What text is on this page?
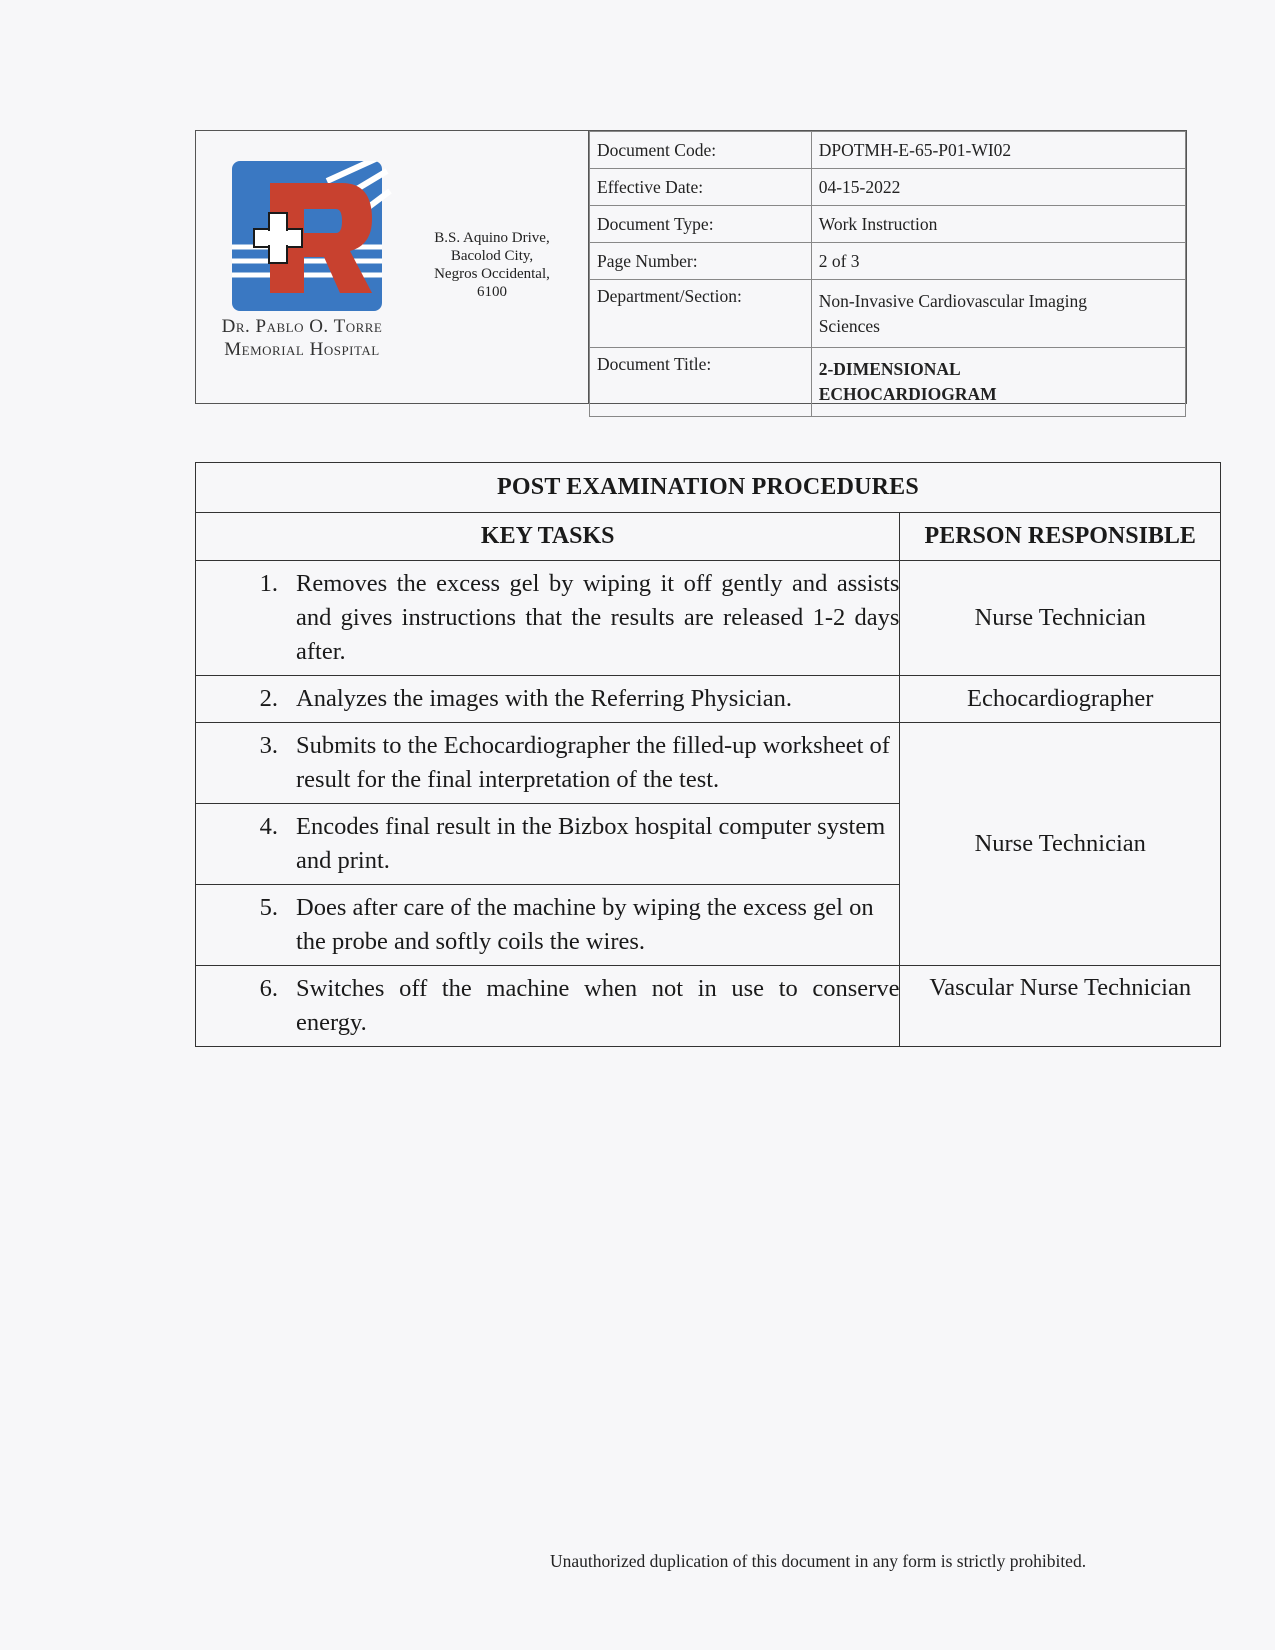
Dr. Pablo O. Torre
Memorial Hospital
B.S. Aquino Drive,
Bacolod City,
Negros Occidental,
6100
Document Code:	DPOTMH-E-65-P01-WI02
Effective Date:	04-15-2022
Document Type:	Work Instruction
Page Number:	2 of 3
Department/Section:	Non-Invasive Cardiovascular Imaging
Sciences

Document Title:	2-DIMENSIONAL
ECHOCARDIOGRAM
POST EXAMINATION PROCEDURES	
KEY TASKS	PERSON RESPONSIBLE

1. Removes the excess gel by wiping it off gently and assists and gives instructions that the results are released 1-2 days after.	Nurse Technician

2. Analyzes the images with the Referring Physician.	Echocardiographer

3. Submits to the Echocardiographer the filled-up worksheet of result for the final interpretation of the test.	Nurse Technician

4. Encodes final result in the Bizbox hospital computer system and print.	

5. Does after care of the machine by wiping the excess gel on the probe and softly coils the wires.	

6. Switches off the machine when not in use to conserve energy.	Vascular Nurse Technician
Unauthorized duplication of this document in any form is strictly prohibited.
